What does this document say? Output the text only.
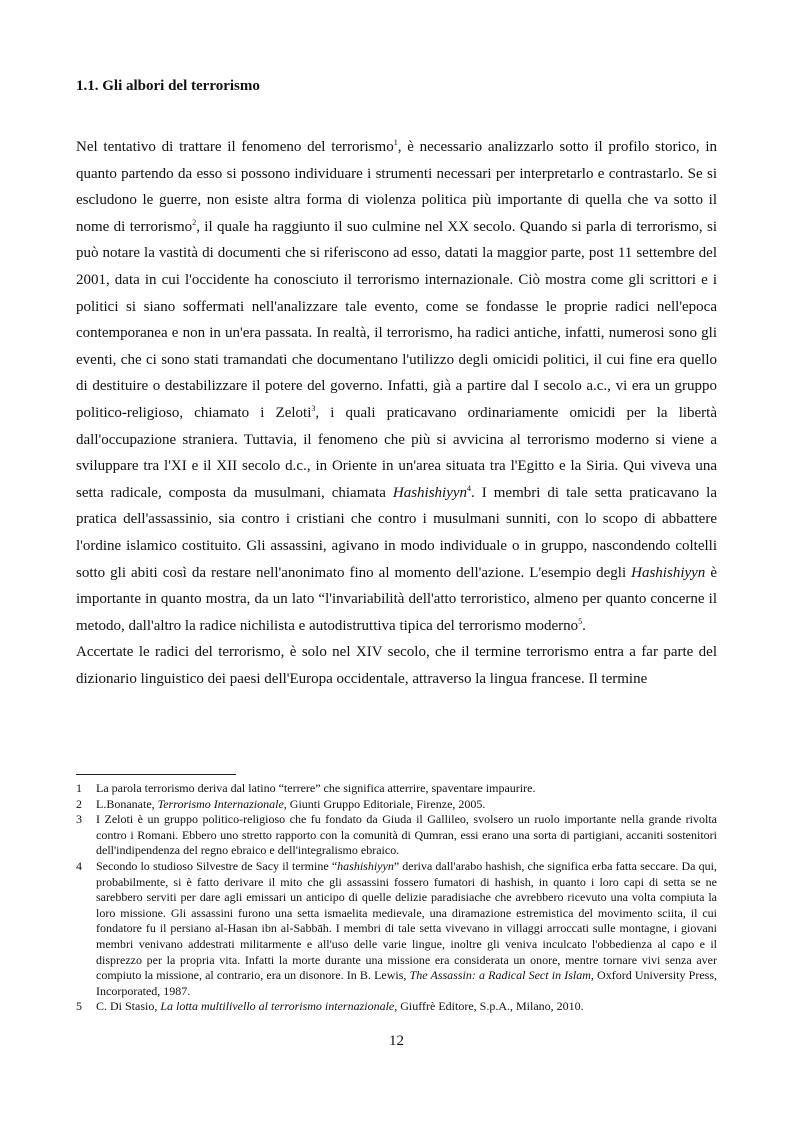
1.1. Gli albori del terrorismo

Nel tentativo di trattare il fenomeno del terrorismo$^1$, è necessario analizzarlo sotto il profilo storico, in quanto partendo da esso si possono individuare i strumenti necessari per interpretarlo e contrastarlo. Se si escludono le guerre, non esiste altra forma di violenza politica più importante di quella che va sotto il nome di terrorismo$^2$, il quale ha raggiunto il suo culmine nel XX secolo. Quando si parla di terrorismo, si può notare la vastità di documenti che si riferiscono ad esso, datati la maggior parte, post 11 settembre del 2001, data in cui l'occidente ha conosciuto il terrorismo internazionale. Ciò mostra come gli scrittori e i politici si siano soffermati nell'analizzare tale evento, come se fondasse le proprie radici nell'epoca contemporanea e non in un'era passata. In realtà, il terrorismo, ha radici antiche, infatti, numerosi sono gli eventi, che ci sono stati tramandati che documentano l'utilizzo degli omicidi politici, il cui fine era quello di destituire o destabilizzare il potere del governo. Infatti, già a partire dal I secolo a.c., vi era un gruppo politico-religioso, chiamato i Zeloti$^3$, i quali praticavano ordinariamente omicidi per la libertà dall'occupazione straniera. Tuttavia, il fenomeno che più si avvicina al terrorismo moderno si viene a sviluppare tra l'XI e il XII secolo d.c., in Oriente in un'area situata tra l'Egitto e la Siria. Qui viveva una setta radicale, composta da musulmani, chiamata Hashishiyyn$^4$. I membri di tale setta praticavano la pratica dell'assassinio, sia contro i cristiani che contro i musulmani sunniti, con lo scopo di abbattere l'ordine islamico costituito. Gli assassini, agivano in modo individuale o in gruppo, nascondendo coltelli sotto gli abiti così da restare nell'anonimato fino al momento dell'azione. L'esempio degli Hashishiyyn è importante in quanto mostra, da un lato “l'invariabilità dell'atto terroristico, almeno per quanto concerne il metodo, dall'altro la radice nichilista e autodistruttiva tipica del terrorismo moderno$^5$.

Accertate le radici del terrorismo, è solo nel XIV secolo, che il termine terrorismo entra a far parte del dizionario linguistico dei paesi dell'Europa occidentale, attraverso la lingua francese. Il termine

1	La parola terrorismo deriva dal latino “terrere” che significa atterrire, spaventare impaurire.
2	L.Bonanate, Terrorismo Internazionale, Giunti Gruppo Editoriale, Firenze, 2005.
3	I Zeloti è un gruppo politico-religioso che fu fondato da Giuda il Gallileo, svolsero un ruolo importante nella grande rivolta contro i Romani. Ebbero uno stretto rapporto con la comunità di Qumran, essi erano una sorta di partigiani, accaniti sostenitori dell'indipendenza del regno ebraico e dell'integralismo ebraico.
4	Secondo lo studioso Silvestre de Sacy il termine “hashishiyyn” deriva dall'arabo hashish, che significa erba fatta seccare. Da qui, probabilmente, si è fatto derivare il mito che gli assassini fossero fumatori di hashish, in quanto i loro capi di setta se ne sarebbero serviti per dare agli emissari un anticipo di quelle delizie paradisiache che avrebbero ricevuto una volta compiuta la loro missione. Gli assassini furono una setta ismaelita medievale, una diramazione estremistica del movimento sciita, il cui fondatore fu il persiano al-Hasan ibn al-Sabbāh. I membri di tale setta vivevano in villaggi arroccati sulle montagne, i giovani membri venivano addestrati militarmente e all'uso delle varie lingue, inoltre gli veniva inculcato l'obbedienza al capo e il disprezzo per la propria vita. Infatti la morte durante una missione era considerata un onore, mentre tornare vivi senza aver compiuto la missione, al contrario, era un disonore. In B. Lewis, The Assassin: a Radical Sect in Islam, Oxford University Press, Incorporated, 1987.
5	C. Di Stasio, La lotta multilivello al terrorismo internazionale, Giuffrè Editore, S.p.A., Milano, 2010.
12
